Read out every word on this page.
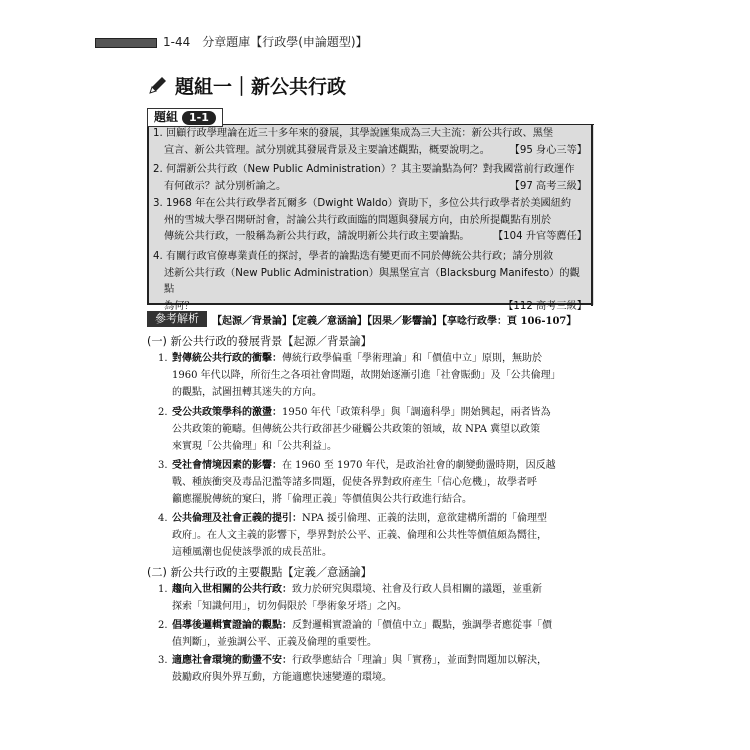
1-44　分章題庫【行政學(申論題型)】
題組一｜新公共行政
題組 1-1
1. 回顧行政學理論在近三十多年來的發展，其學說匯集成為三大主流：新公共行政、黑堡
宣言、新公共管理。試分別就其發展背景及主要論述觀點，概要說明之。 【95 身心三等】
2. 何謂新公共行政（New Public Administration）？其主要論點為何？對我國當前行政運作
有何啟示？試分別析論之。	【97 高考三級】
3. 1968 年在公共行政學者瓦爾多（Dwight Waldo）資助下，多位公共行政學者於美國紐約
州的雪城大學召開研討會，討論公共行政面臨的問題與發展方向，由於所提觀點有別於
傳統公共行政，一般稱為新公共行政，請說明新公共行政主要論點。 【104 升官等薦任】
4. 有關行政官僚專業責任的探討，學者的論點迭有變更而不同於傳統公共行政；請分別敘
述新公共行政（New Public Administration）與黑堡宣言（Blacksburg Manifesto）的觀點
為何？	【112 高考三級】
參考解析	【起源／背景論】【定義／意涵論】【因果／影響論】【享唸行政學：頁 106-107】
(一) 新公共行政的發展背景【起源／背景論】
1. 對傳統公共行政的衝擊：傳統行政學偏重「學術理論」和「價值中立」原則，無助於
1960 年代以降，所衍生之各項社會問題，故開始逐漸引進「社會賑動」及「公共倫理」
的觀點，試圖扭轉其迷失的方向。
2. 受公共政策學科的激盪：1950 年代「政策科學」與「調適科學」開始興起，兩者皆為
公共政策的範疇。但傳統公共行政卻甚少碰觸公共政策的領域，故 NPA 冀望以政策
來實現「公共倫理」和「公共利益」。
3. 受社會情境因素的影響：在 1960 至 1970 年代，是政治社會的劇變動盪時期，因反越
戰、種族衝突及毒品氾濫等諸多問題，促使各界對政府產生「信心危機」，故學者呼
籲應擺脫傳統的窠臼，將「倫理正義」等價值與公共行政進行結合。
4. 公共倫理及社會正義的提引：NPA 援引倫理、正義的法則，意欲建構所謂的「倫理型
政府」。在人文主義的影響下，學界對於公平、正義、倫理和公共性等價值頗為嚮往，
這種風潮也促使該學派的成長茁壯。
(二) 新公共行政的主要觀點【定義／意涵論】
1. 趨向入世相關的公共行政：致力於研究與環境、社會及行政人員相關的議題，並重新
探索「知識何用」，切勿侷限於「學術象牙塔」之內。
2. 倡導後邏輯實證論的觀點：反對邏輯實證論的「價值中立」觀點，強調學者應從事「價
值判斷」，並強調公平、正義及倫理的重要性。
3. 適應社會環境的動盪不安：行政學應結合「理論」與「實務」，並面對問題加以解決，
鼓勵政府與外界互動，方能適應快速變遷的環境。
